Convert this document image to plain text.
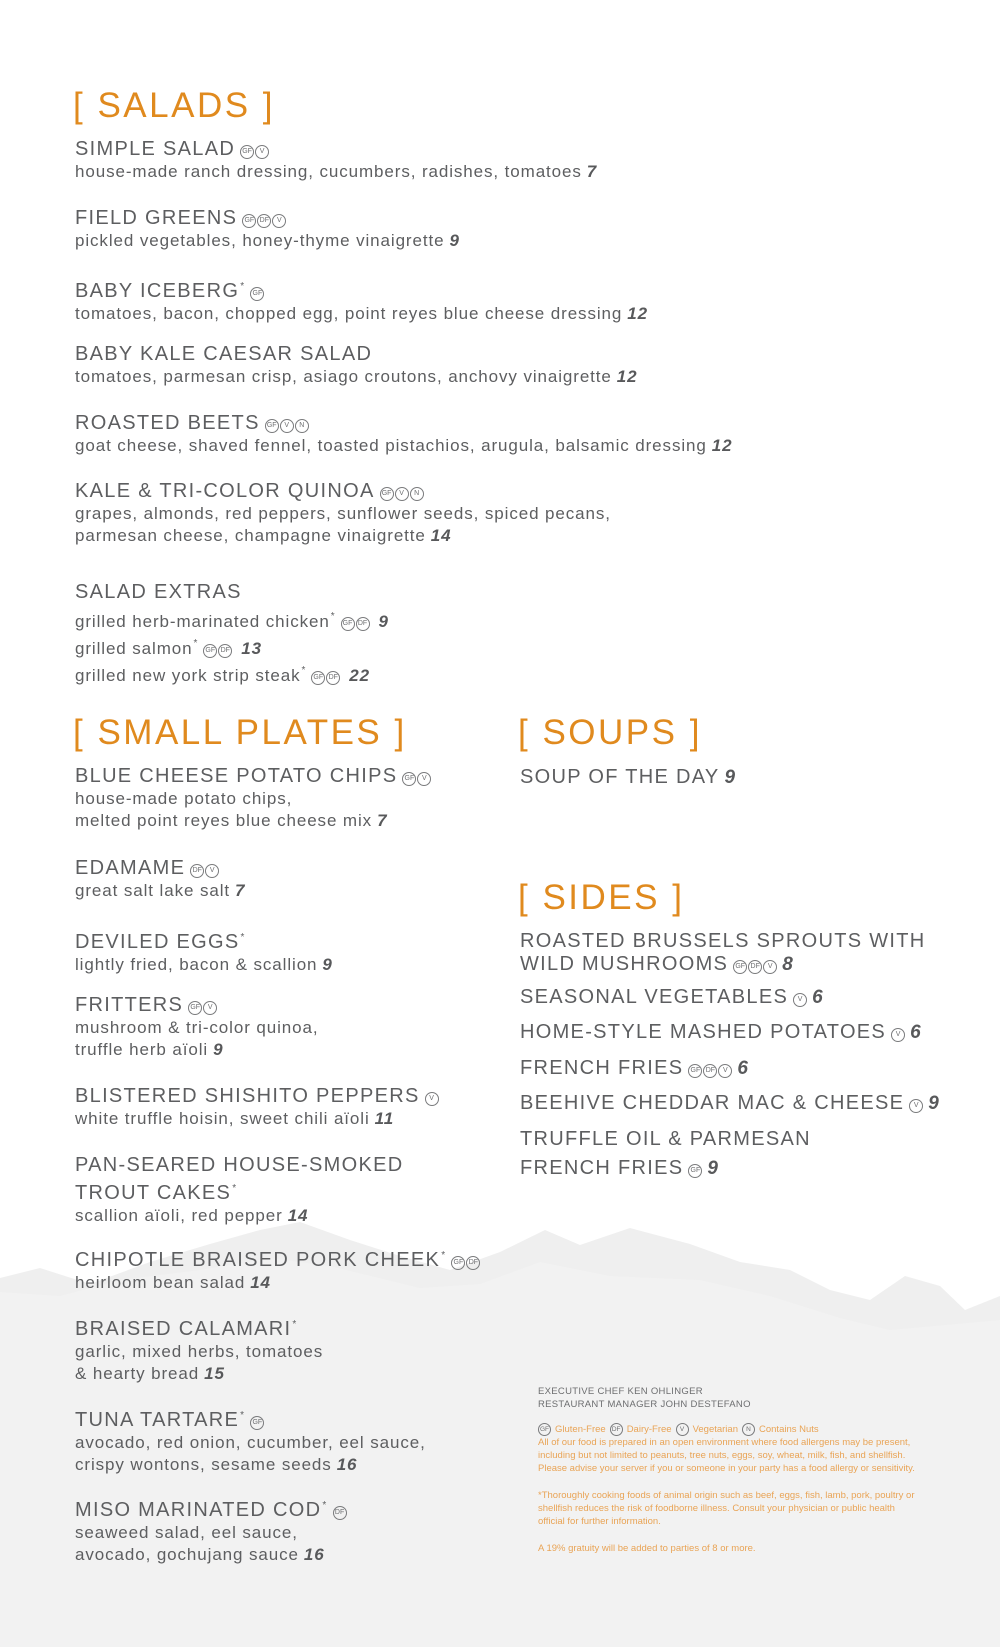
[ SALADS ]
SIMPLE SALAD	GF	V
house-made ranch dressing, cucumbers, radishes, tomatoes 7
FIELD GREENS	GF DF	V
pickled vegetables, honey-thyme vinaigrette 9
BABY ICEBERG*
GF
tomatoes, bacon, chopped egg, point reyes blue cheese dressing 12
BABY KALE CAESAR SALAD
tomatoes, parmesan crisp, asiago croutons, anchovy vinaigrette 12
ROASTED BEETS	GF	V	N
goat cheese, shaved fennel, toasted pistachios, arugula, balsamic dressing 12
KALE & TRI-COLOR QUINOA	GF	V	N
grapes, almonds, red peppers, sunflower seeds, spiced pecans,
parmesan cheese, champagne vinaigrette 14
SALAD EXTRAS
grilled herb-marinated chicken*
GF DF 9
grilled salmon*
GF DF 13
grilled new york strip steak*
GF DF 22
[ SMALL PLATES ]
BLUE CHEESE POTATO CHIPS	GF	V
house-made potato chips,
melted point reyes blue cheese mix 7
EDAMAME	DF	V
great salt lake salt 7
DEVILED EGGS*
lightly fried, bacon & scallion 9
FRITTERS	GF	V
mushroom & tri-color quinoa,
truffle herb aïoli 9
BLISTERED SHISHITO PEPPERS	V
white truffle hoisin, sweet chili aïoli 11
PAN-SEARED HOUSE-SMOKED
TROUT CAKES*
scallion aïoli, red pepper 14
CHIPOTLE BRAISED PORK CHEEK*
GF DF
heirloom bean salad 14
BRAISED CALAMARI*
garlic, mixed herbs, tomatoes
& hearty bread 15
TUNA TARTARE*
GF
avocado, red onion, cucumber, eel sauce,
crispy wontons, sesame seeds 16
MISO MARINATED COD*
DF
seaweed salad, eel sauce,
avocado, gochujang sauce 16
[ SOUPS ]
SOUP OF THE DAY 9
[ SIDES ]
ROASTED BRUSSELS SPROUTS WITH
WILD MUSHROOMS	GF DF	V 8
SEASONAL VEGETABLES	V 6
HOME-STYLE MASHED POTATOES	V 6
FRENCH FRIES	GF DF	V 6
BEEHIVE CHEDDAR MAC & CHEESE	V 9
TRUFFLE OIL & PARMESAN
FRENCH FRIES	GF 9
EXECUTIVE CHEF KEN OHLINGER
RESTAURANT MANAGER JOHN DESTEFANO
GF Gluten-Free DF Dairy-Free	V Vegetarian	N Contains Nuts

All of our food is prepared in an open environment where food allergens may be present, including but not limited to peanuts, tree nuts, eggs, soy, wheat, milk, fish, and shellfish. Please advise your server if you or someone in your party has a food allergy or sensitivity.

*Thoroughly cooking foods of animal origin such as beef, eggs, fish, lamb, pork, poultry or shellfish reduces the risk of foodborne illness. Consult your physician or public health official for further information.

A 19% gratuity will be added to parties of 8 or more.
